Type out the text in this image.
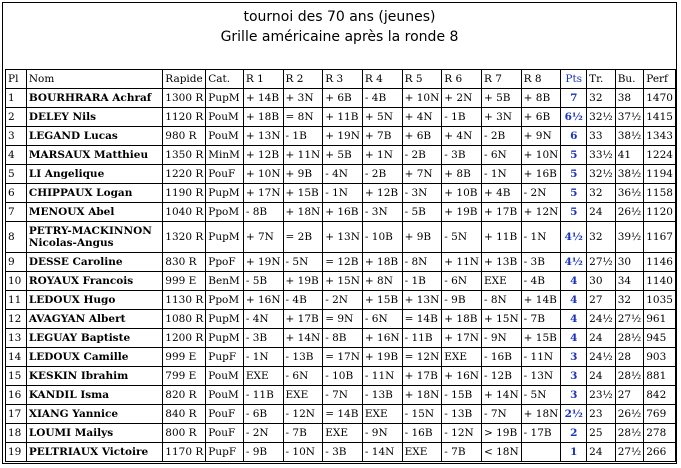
tournoi des 70 ans (jeunes)
Grille américaine après la ronde 8
Pl	Nom	Rapide	Cat.	R 1	R 2	R 3	R 4	R 5	R 6	R 7	R 8	Pts	Tr.	Bu.	Perf
1	BOURHRARA Achraf	1300 R	PupM	+ 14B	+ 3N	+ 6B	- 4B	+ 10N	+ 2N	+ 5B	+ 8B	7	32	38	1470
2	DELEY Nils	1120 R	PouM	+ 18B	= 8N	+ 11B	+ 5N	+ 4N	- 1B	+ 3N	+ 6B	6½	32½	37½	1415
3	LEGAND Lucas	980 R	PouM	+ 13N	- 1B	+ 19N	+ 7B	+ 6B	+ 4N	- 2B	+ 9N	6	33	38½	1343
4	MARSAUX Matthieu	1350 R	MinM	+ 12B	+ 11N	+ 5B	+ 1N	- 2B	- 3B	- 6N	+ 10N	5	33½	41	1224
5	LI Angelique	1220 R	PouF	+ 10N	+ 9B	- 4N	- 2B	+ 7N	+ 8B	- 1N	+ 16B	5	32½	38½	1194
6	CHIPPAUX Logan	1190 R	PupM	+ 17N	+ 15B	- 1N	+ 12B	- 3N	+ 10B	+ 4B	- 2N	5	32	36½	1158
7	MENOUX Abel	1040 R	PpoM	- 8B	+ 18N	+ 16B	- 3N	- 5B	+ 19B	+ 17B	+ 12N	5	24	26½	1120
8	PETRY-MACKINNON Nicolas-Angus	1320 R	PupM	+ 7N	= 2B	+ 13N	- 10B	+ 9B	- 5N	+ 11B	- 1N	4½	32	39½	1167
9	DESSE Caroline	830 R	PpoF	+ 19N	- 5N	= 12B	+ 18B	- 8N	+ 11N	+ 13B	- 3B	4½	27½	30	1146
10	ROYAUX Francois	999 E	BenM	- 5B	+ 19B	+ 15N	+ 8N	- 1B	- 6N	EXE	- 4B	4	30	34	1140
11	LEDOUX Hugo	1130 R	PpoM	+ 16N	- 4B	- 2N	+ 15B	+ 13N	- 9B	- 8N	+ 14B	4	27	32	1035
12	AVAGYAN Albert	1080 R	PupM	- 4N	+ 17B	= 9N	- 6N	= 14B	+ 18B	+ 15N	- 7B	4	24½	27½	961
13	LEGUAY Baptiste	1200 R	PupM	- 3B	+ 14N	- 8B	+ 16N	- 11B	+ 17N	- 9N	+ 15B	4	24	28½	945
14	LEDOUX Camille	999 E	PupF	- 1N	- 13B	= 17N	+ 19B	= 12N	EXE	- 16B	- 11N	3	24½	28	903
15	KESKIN Ibrahim	799 E	PouM	EXE	- 6N	- 10B	- 11N	+ 17B	+ 16N	- 12B	- 13N	3	24	28½	881
16	KANDIL Isma	820 R	PouM	- 11B	EXE	- 7N	- 13B	+ 18N	- 15B	+ 14N	- 5N	3	23½	27	842
17	XIANG Yannice	840 R	PouF	- 6B	- 12N	= 14B	EXE	- 15N	- 13B	- 7N	+ 18N	2½	23	26½	769
18	LOUMI Mailys	800 R	PouF	- 2N	- 7B	EXE	- 9N	- 16B	- 12N	> 19B	- 17B	2	25	28½	278
19	PELTRIAUX Victoire	1170 R	PupF	- 9B	- 10N	- 3B	- 14N	EXE	- 7B	< 18N		1	24	27½	266
